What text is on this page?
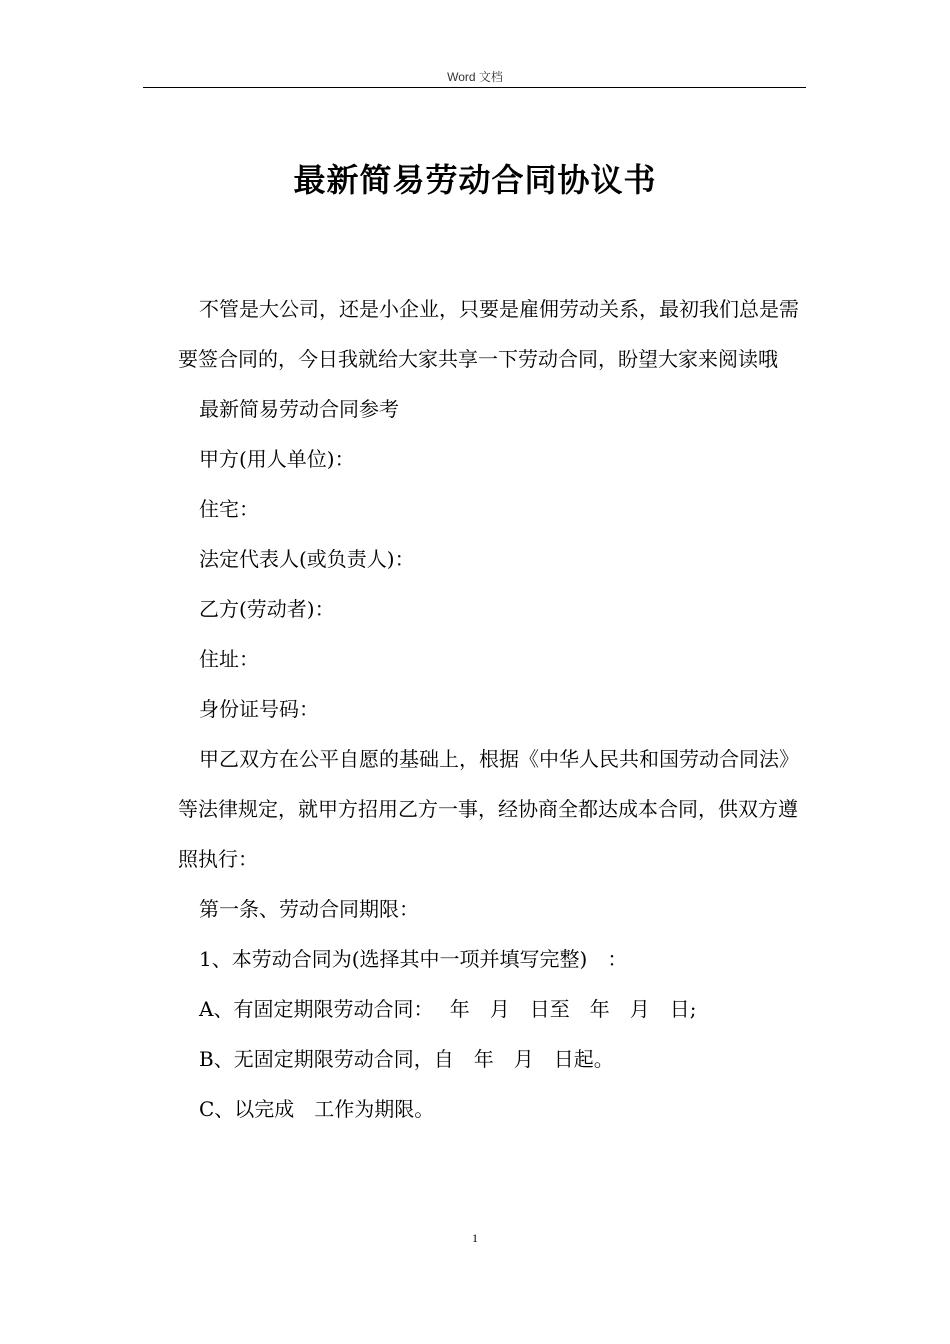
Word 文档
最新简易劳动合同协议书

不管是大公司，还是小企业，只要是雇佣劳动关系，最初我们总是需要签合同的，今日我就给大家共享一下劳动合同，盼望大家来阅读哦

最新简易劳动合同参考

甲方(用人单位)：

住宅：

法定代表人(或负责人)：

乙方(劳动者)：

住址：

身份证号码：

甲乙双方在公平自愿的基础上，根据《中华人民共和国劳动合同法》等法律规定，就甲方招用乙方一事，经协商全都达成本合同，供双方遵照执行：

第一条、劳动合同期限：

1、本劳动合同为(选择其中一项并填写完整)　：

A、有固定期限劳动合同：　 年　月　日至　年　月　日;

B、无固定期限劳动合同，自　年　月　日起。

C、以完成　工作为期限。

1
